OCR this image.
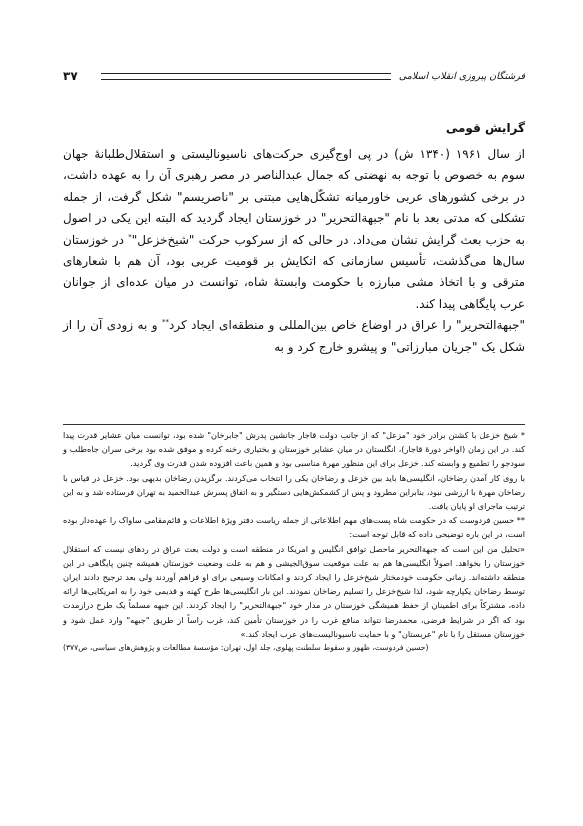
۳۷	فرشتگان پیروزی انقلاب اسلامی
گرایش قومی

از سال ۱۹۶۱ (۱۳۴۰ ش) در پی اوج‌گیری حرکت‌های ناسیونالیستی و استقلال‌طلبانهٔ جهان سوم به خصوص با توجه به نهضتی که جمال عبدالناصر در مصر رهبری آن را به عهده داشت، در برخی کشورهای عربی خاورمیانه تشکّل‌هایی مبتنی بر "ناصریسم" شکل گرفت، از جمله تشکلی که مدتی بعد با نام "جبهةالتحریر" در خوزستان ایجاد گردید که البته این یکی در اصول به حزب بعث گرایش نشان می‌داد. در حالی که از سرکوب حرکت "شیخ‌خزعل"* در خوزستان سال‌ها می‌گذشت، تأسیس سازمانی که اتکایش بر قومیت عربی بود، آن هم با شعارهای مترقی و با اتخاذ مشی مبارزه با حکومت وابستهٔ شاه، توانست در میان عده‌ای از جوانان عرب پایگاهی پیدا کند.

"جبهةالتحریر" را عراق در اوضاع خاص بین‌المللی و منطقه‌ای ایجاد کرد** و به زودی آن را از شکل یک "جریان مبارزاتی" و پیشرو خارج کرد و به

* شیخ خزعل با کشتن برادر خود "مزعل" که از جانب دولت قاجار جانشین پدرش "جابرخان" شده بود، توانست میان عشایر قدرت پیدا کند. در این زمان (اواخر دورهٔ قاجار)، انگلستان در میان عشایر خوزستان و بختیاری رخنه کرده و موفق شده بود برخی سران جاه‌طلب و سودجو را تطمیع و وابسته کند. خزعل برای این منظور مهرهٔ مناسبی بود و همین باعث افزوده شدن قدرت وی گردید.

با روی کار آمدن رضاخان، انگلیسی‌ها باید بین خزعل و رضاخان یکی را انتخاب می‌کردند. برگزیدن رضاخان بدیهی بود. خزعل در قیاس با رضاخان مهرهٔ با ارزشی نبود، بنابراین مطرود و پس از کشمکش‌هایی دستگیر و به اتفاق پسرش عبدالحمید به تهران فرستاده شد و به این ترتیب ماجرای او پایان یافت.

** حسین فردوست که در حکومت شاه پست‌های مهم اطلاعاتی از جمله ریاست دفتر ویژهٔ اطلاعات و قائم‌مقامی ساواک را عهده‌دار بوده است، در این باره توضیحی داده که قابل توجه است:

«تحلیل من این است که جبهةالتحریر ماحصل توافق انگلیس و امریکا در منطقه است و دولت بعث عراق در ردهای نیست که استقلال خوزستان را بخواهد. اصولاً انگلیسی‌ها هم به علت موقعیت سوق‌الجیشی و هم به علت وضعیت خوزستان همیشه چنین پایگاهی در این منطقه داشته‌اند. زمانی حکومت خودمختار شیخ‌خزعل را ایجاد کردند و امکانات وسیعی برای او فراهم آوردند ولی بعد ترجیح دادند ایران توسط رضاخان یکپارچه شود، لذا شیخ‌خزعل را تسلیم رضاخان نمودند. این بار انگلیسی‌ها طرح کهنه و قدیمی خود را به امریکایی‌ها ارائه داده، مشترکاً برای اطمینان از حفظ همیشگی خوزستان در مدار خود "جبهةالتحریر" را ایجاد کردند. این جبهه مسلماً یک طرح درازمدت بود که اگر در شرایط فرضی، محمدرضا نتواند منافع غرب را در خوزستان تأمین کند، غرب راساً از طریق "جبهه" وارد عمل شود و خوزستان مستقل را با نام "عربستان" و با حمایت ناسیونالیست‌های عرب ایجاد کند.»

(حسین فردوست، ظهور و سقوط سلطنت پهلوی، جلد اول، تهران: مؤسسهٔ مطالعات و پژوهش‌های سیاسی، ص۳۷۷)
